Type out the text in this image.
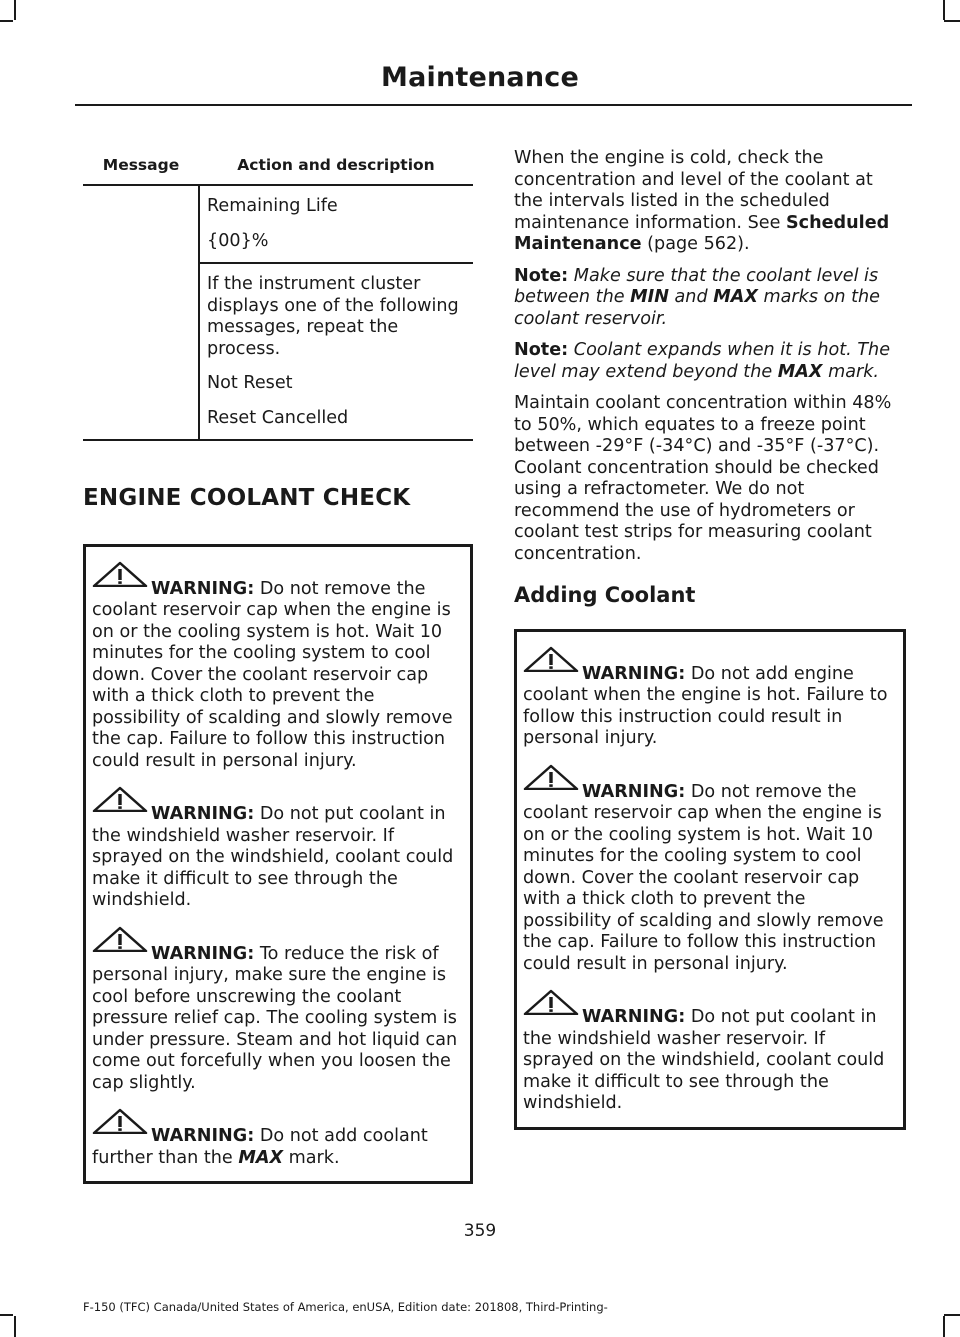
Maintenance
Message	Action and description

	Remaining Life

{00}%

	If the instrument cluster displays one of the following messages, repeat the process.

Not Reset

Reset Cancelled

ENGINE COOLANT CHECK

WARNING: Do not remove the coolant reservoir cap when the engine is on or the cooling system is hot. Wait 10 minutes for the cooling system to cool down. Cover the coolant reservoir cap with a thick cloth to prevent the possibility of scalding and slowly remove the cap. Failure to follow this instruction could result in personal injury.

WARNING: Do not put coolant in the windshield washer reservoir. If sprayed on the windshield, coolant could make it difficult to see through the windshield.

WARNING: To reduce the risk of personal injury, make sure the engine is cool before unscrewing the coolant pressure relief cap. The cooling system is under pressure. Steam and hot liquid can come out forcefully when you loosen the cap slightly.

WARNING: Do not add coolant further than the MAX mark.

When the engine is cold, check the concentration and level of the coolant at the intervals listed in the scheduled maintenance information. See Scheduled Maintenance (page 562).

Note: Make sure that the coolant level is between the MIN and MAX marks on the coolant reservoir.

Note: Coolant expands when it is hot. The level may extend beyond the MAX mark.

Maintain coolant concentration within 48% to 50%, which equates to a freeze point between -29°F (-34°C) and -35°F (-37°C). Coolant concentration should be checked using a refractometer. We do not recommend the use of hydrometers or coolant test strips for measuring coolant concentration.

Adding Coolant

WARNING: Do not add engine coolant when the engine is hot. Failure to follow this instruction could result in personal injury.

WARNING: Do not remove the coolant reservoir cap when the engine is on or the cooling system is hot. Wait 10 minutes for the cooling system to cool down. Cover the coolant reservoir cap with a thick cloth to prevent the possibility of scalding and slowly remove the cap. Failure to follow this instruction could result in personal injury.

WARNING: Do not put coolant in the windshield washer reservoir. If sprayed on the windshield, coolant could make it difficult to see through the windshield.

359
F-150 (TFC) Canada/United States of America, enUSA, Edition date: 201808, Third-Printing-
